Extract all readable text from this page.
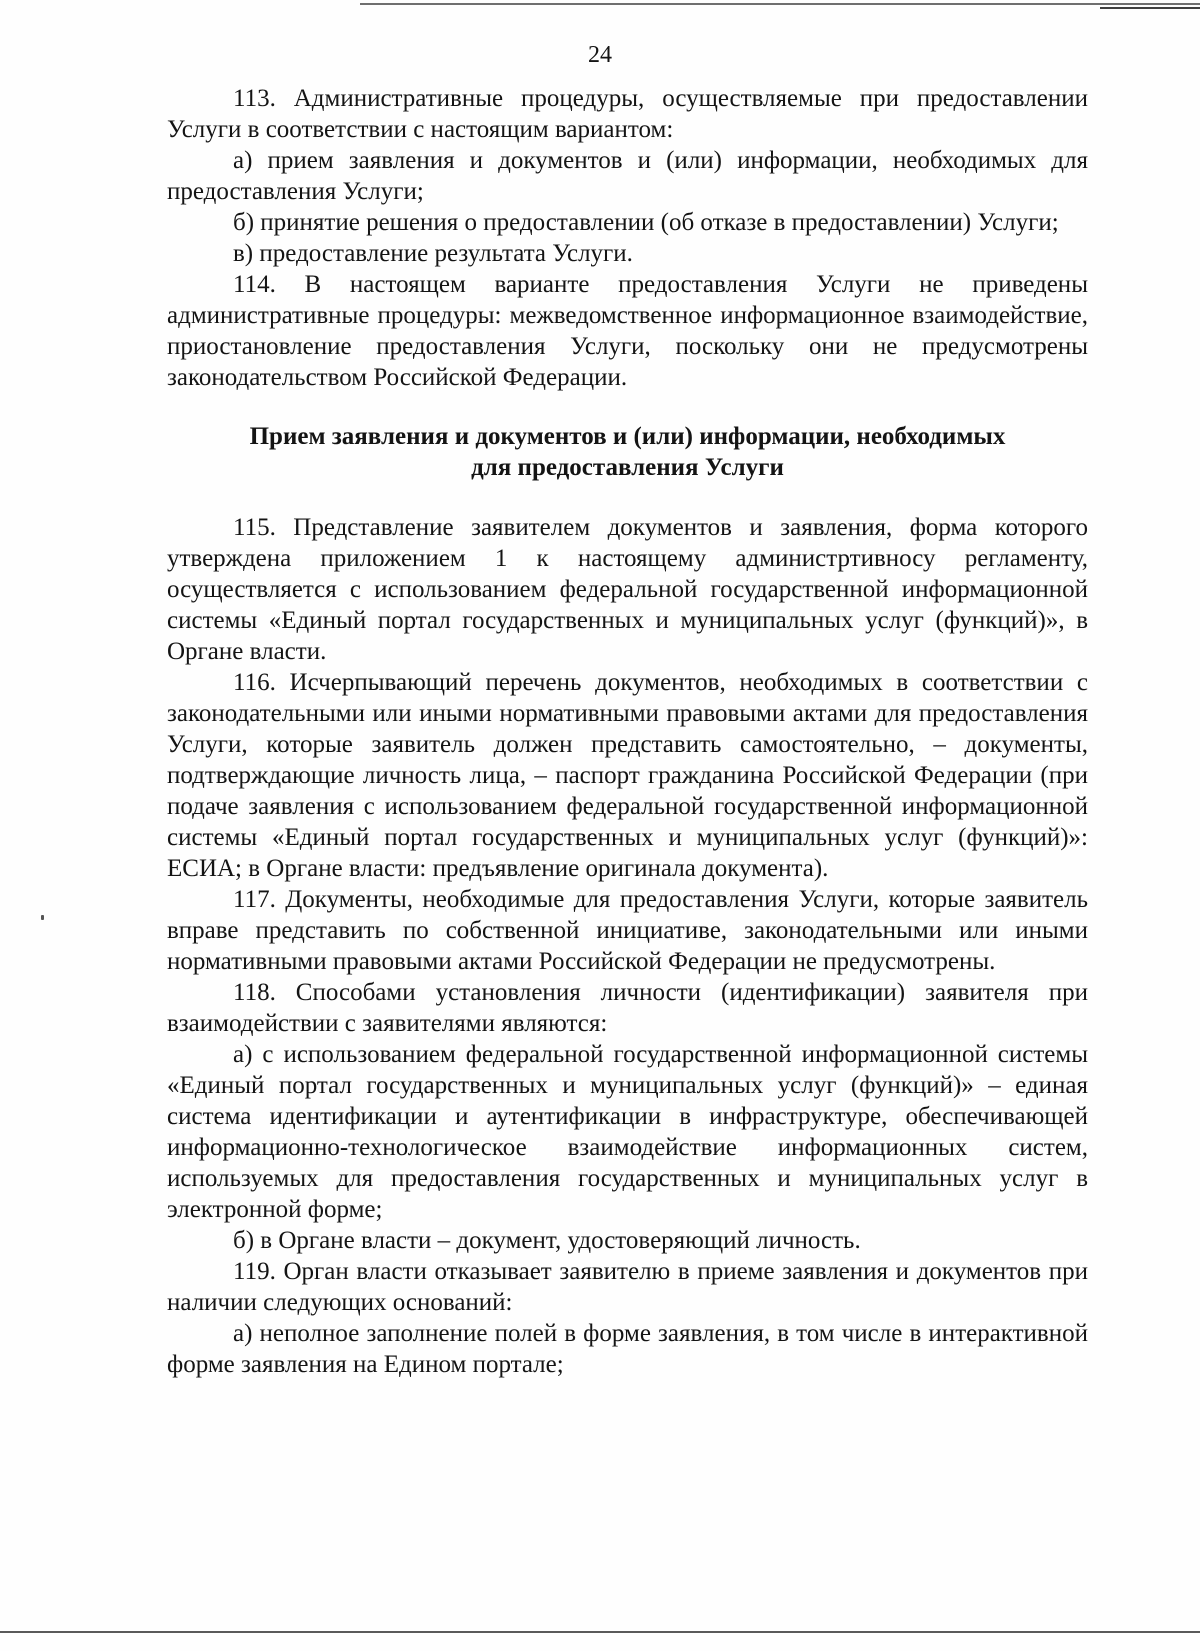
24

113. Административные процедуры, осуществляемые при предоставлении Услуги в соответствии с настоящим вариантом:

а) прием заявления и документов и (или) информации, необходимых для предоставления Услуги;

б) принятие решения о предоставлении (об отказе в предоставлении) Услуги;

в) предоставление результата Услуги.

114. В настоящем варианте предоставления Услуги не приведены административные процедуры: межведомственное информационное взаимодействие, приостановление предоставления Услуги, поскольку они не предусмотрены законодательством Российской Федерации.

Прием заявления и документов и (или) информации, необходимых
для предоставления Услуги

115. Представление заявителем документов и заявления, форма которого утверждена приложением 1 к настоящему администртивносу регламенту, осуществляется с использованием федеральной государственной информационной системы «Единый портал государственных и муниципальных услуг (функций)», в Органе власти.

116. Исчерпывающий перечень документов, необходимых в соответствии с законодательными или иными нормативными правовыми актами для предоставления Услуги, которые заявитель должен представить самостоятельно, – документы, подтверждающие личность лица, – паспорт гражданина Российской Федерации (при подаче заявления с использованием федеральной государственной информационной системы «Единый портал государственных и муниципальных услуг (функций)»: ЕСИА; в Органе власти: предъявление оригинала документа).

117. Документы, необходимые для предоставления Услуги, которые заявитель вправе представить по собственной инициативе, законодательными или иными нормативными правовыми актами Российской Федерации не предусмотрены.

118. Способами установления личности (идентификации) заявителя при взаимодействии с заявителями являются:

а) с использованием федеральной государственной информационной системы «Единый портал государственных и муниципальных услуг (функций)» – единая система идентификации и аутентификации в инфраструктуре, обеспечивающей информационно-технологическое взаимодействие информационных систем, используемых для предоставления государственных и муниципальных услуг в электронной форме;

б) в Органе власти – документ, удостоверяющий личность.

119. Орган власти отказывает заявителю в приеме заявления и документов при наличии следующих оснований:

а) неполное заполнение полей в форме заявления, в том числе в интерактивной форме заявления на Едином портале;
